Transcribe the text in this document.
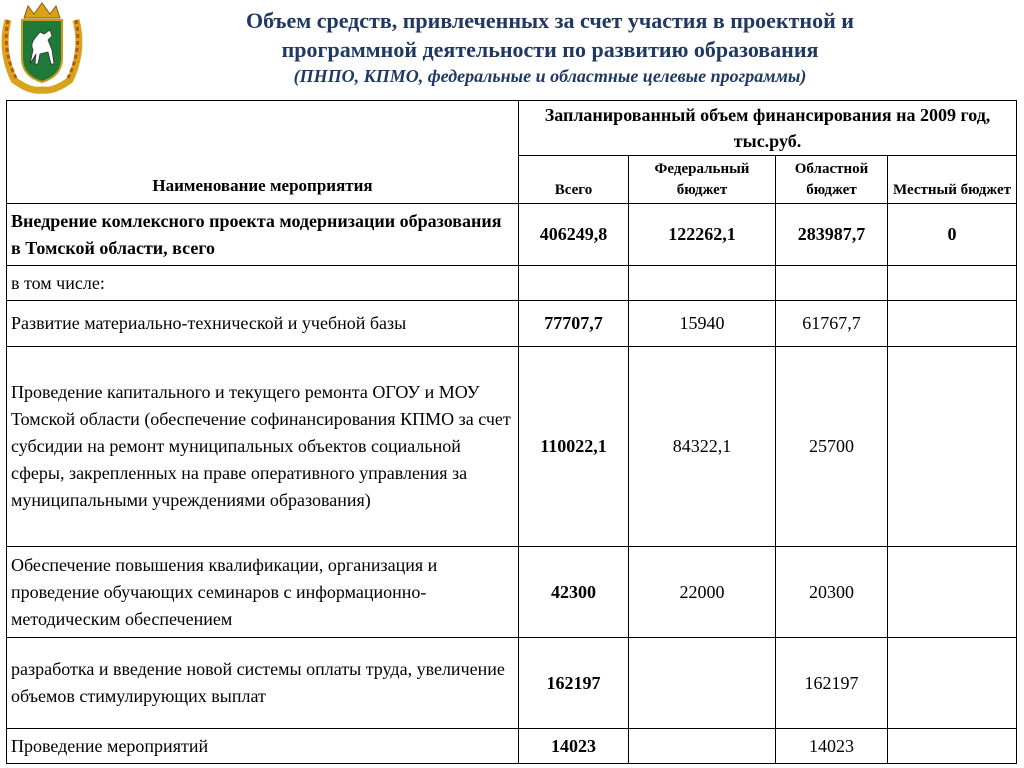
Объем средств, привлеченных за счет участия в проектной и
программной деятельности по развитию образования
(ПНПО, КПМО, федеральные и областные целевые программы)
Наименование мероприятия	Запланированный объем финансирования на 2009 год, тыс.руб.			
	Всего	Федеральный бюджет	Областной бюджет	Местный бюджет
Внедрение комлексного проекта модернизации образования в Томской области, всего	406249,8	122262,1	283987,7	0
в том числе:				
Развитие материально-технической и учебной базы	77707,7	15940	61767,7	
Проведение капитального и текущего ремонта ОГОУ и МОУ Томской области (обеспечение софинансирования КПМО за счет субсидии на ремонт муниципальных объектов социальной сферы, закрепленных на праве оперативного управления за муниципальными учреждениями образования)	110022,1	84322,1	25700	
Обеспечение повышения квалификации, организация и проведение обучающих семинаров с информационно-методическим обеспечением	42300	22000	20300	
разработка и введение новой системы оплаты труда, увеличение объемов стимулирующих выплат	162197		162197	
Проведение мероприятий	14023		14023	
